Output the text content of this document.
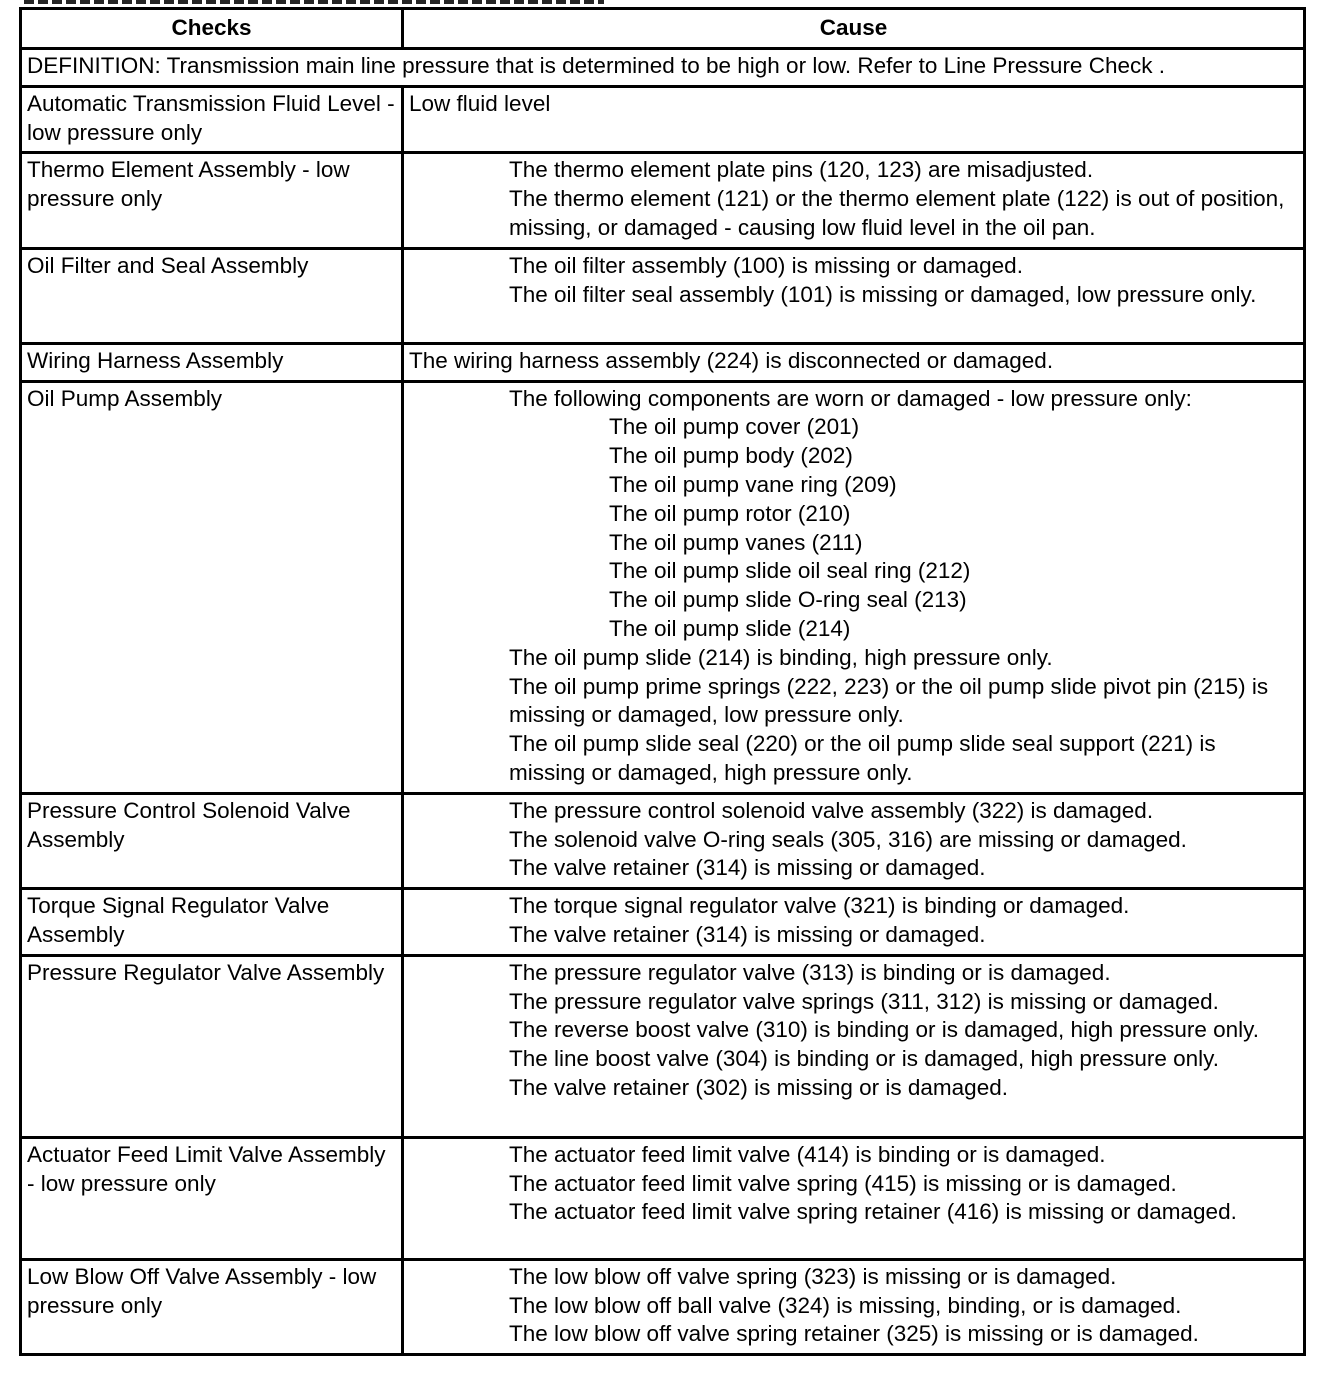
Checks	Cause
DEFINITION: Transmission main line pressure that is determined to be high or low. Refer to Line Pressure Check .	
Automatic Transmission Fluid Level - low pressure only	Low fluid level

Thermo Element Assembly - low pressure only	The thermo element plate pins (120, 123) are misadjusted.
The thermo element (121) or the thermo element plate (122) is out of position, missing, or damaged - causing low fluid level in the oil pan.

Oil Filter and Seal Assembly	The oil filter assembly (100) is missing or damaged.
The oil filter seal assembly (101) is missing or damaged, low pressure only.

Wiring Harness Assembly	The wiring harness assembly (224) is disconnected or damaged.

Oil Pump Assembly	The following components are worn or damaged - low pressure only:
The oil pump cover (201)
The oil pump body (202)
The oil pump vane ring (209)
The oil pump rotor (210)
The oil pump vanes (211)
The oil pump slide oil seal ring (212)
The oil pump slide O-ring seal (213)
The oil pump slide (214)
The oil pump slide (214) is binding, high pressure only.
The oil pump prime springs (222, 223) or the oil pump slide pivot pin (215) is missing or damaged, low pressure only.
The oil pump slide seal (220) or the oil pump slide seal support (221) is missing or damaged, high pressure only.

Pressure Control Solenoid Valve Assembly	The pressure control solenoid valve assembly (322) is damaged.
The solenoid valve O-ring seals (305, 316) are missing or damaged.
The valve retainer (314) is missing or damaged.

Torque Signal Regulator Valve Assembly	The torque signal regulator valve (321) is binding or damaged.
The valve retainer (314) is missing or damaged.

Pressure Regulator Valve Assembly	The pressure regulator valve (313) is binding or is damaged.
The pressure regulator valve springs (311, 312) is missing or damaged.
The reverse boost valve (310) is binding or is damaged, high pressure only.
The line boost valve (304) is binding or is damaged, high pressure only.
The valve retainer (302) is missing or is damaged.

Actuator Feed Limit Valve Assembly - low pressure only	The actuator feed limit valve (414) is binding or is damaged.
The actuator feed limit valve spring (415) is missing or is damaged.
The actuator feed limit valve spring retainer (416) is missing or damaged.

Low Blow Off Valve Assembly - low pressure only	The low blow off valve spring (323) is missing or is damaged.
The low blow off ball valve (324) is missing, binding, or is damaged.
The low blow off valve spring retainer (325) is missing or is damaged.
